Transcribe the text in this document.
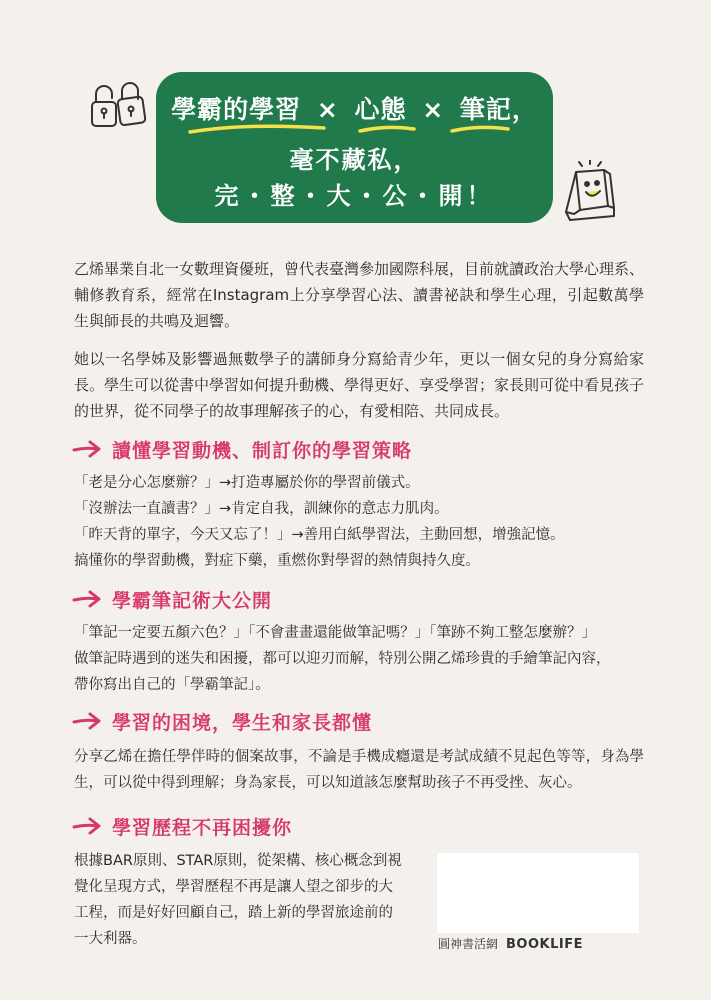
學霸的學習 × 心態 × 筆記，
毫不藏私，
完・整・大・公・開！

乙烯畢業自北一女數理資優班，曾代表臺灣參加國際科展，目前就讀政治大學心理系、輔修教育系，經常在Instagram上分享學習心法、讀書祕訣和學生心理，引起數萬學生與師長的共鳴及迴響。

她以一名學姊及影響過無數學子的講師身分寫給青少年，更以一個女兒的身分寫給家長。學生可以從書中學習如何提升動機、學得更好、享受學習；家長則可從中看見孩子的世界，從不同學子的故事理解孩子的心，有愛相陪、共同成長。

讀懂學習動機、制訂你的學習策略
「老是分心怎麼辦？」→打造專屬於你的學習前儀式。
「沒辦法一直讀書？」→肯定自我，訓練你的意志力肌肉。
「昨天背的單字，今天又忘了！」→善用白紙學習法，主動回想，增強記憶。
搞懂你的學習動機，對症下藥，重燃你對學習的熱情與持久度。
學霸筆記術大公開
「筆記一定要五顏六色？」「不會畫畫還能做筆記嗎？」「筆跡不夠工整怎麼辦？」
做筆記時遇到的迷失和困擾，都可以迎刃而解，特別公開乙烯珍貴的手繪筆記內容，
帶你寫出自己的「學霸筆記」。
學習的困境，學生和家長都懂
分享乙烯在擔任學伴時的個案故事，不論是手機成癮還是考試成績不見起色等等，身為學生，可以從中得到理解；身為家長，可以知道該怎麼幫助孩子不再受挫、灰心。
學習歷程不再困擾你
根據BAR原則、STAR原則，從架構、核心概念到視
覺化呈現方式，學習歷程不再是讓人望之卻步的大
工程，而是好好回顧自己，踏上新的學習旅途前的
一大利器。	圓神書活網 BOOKLIFE
